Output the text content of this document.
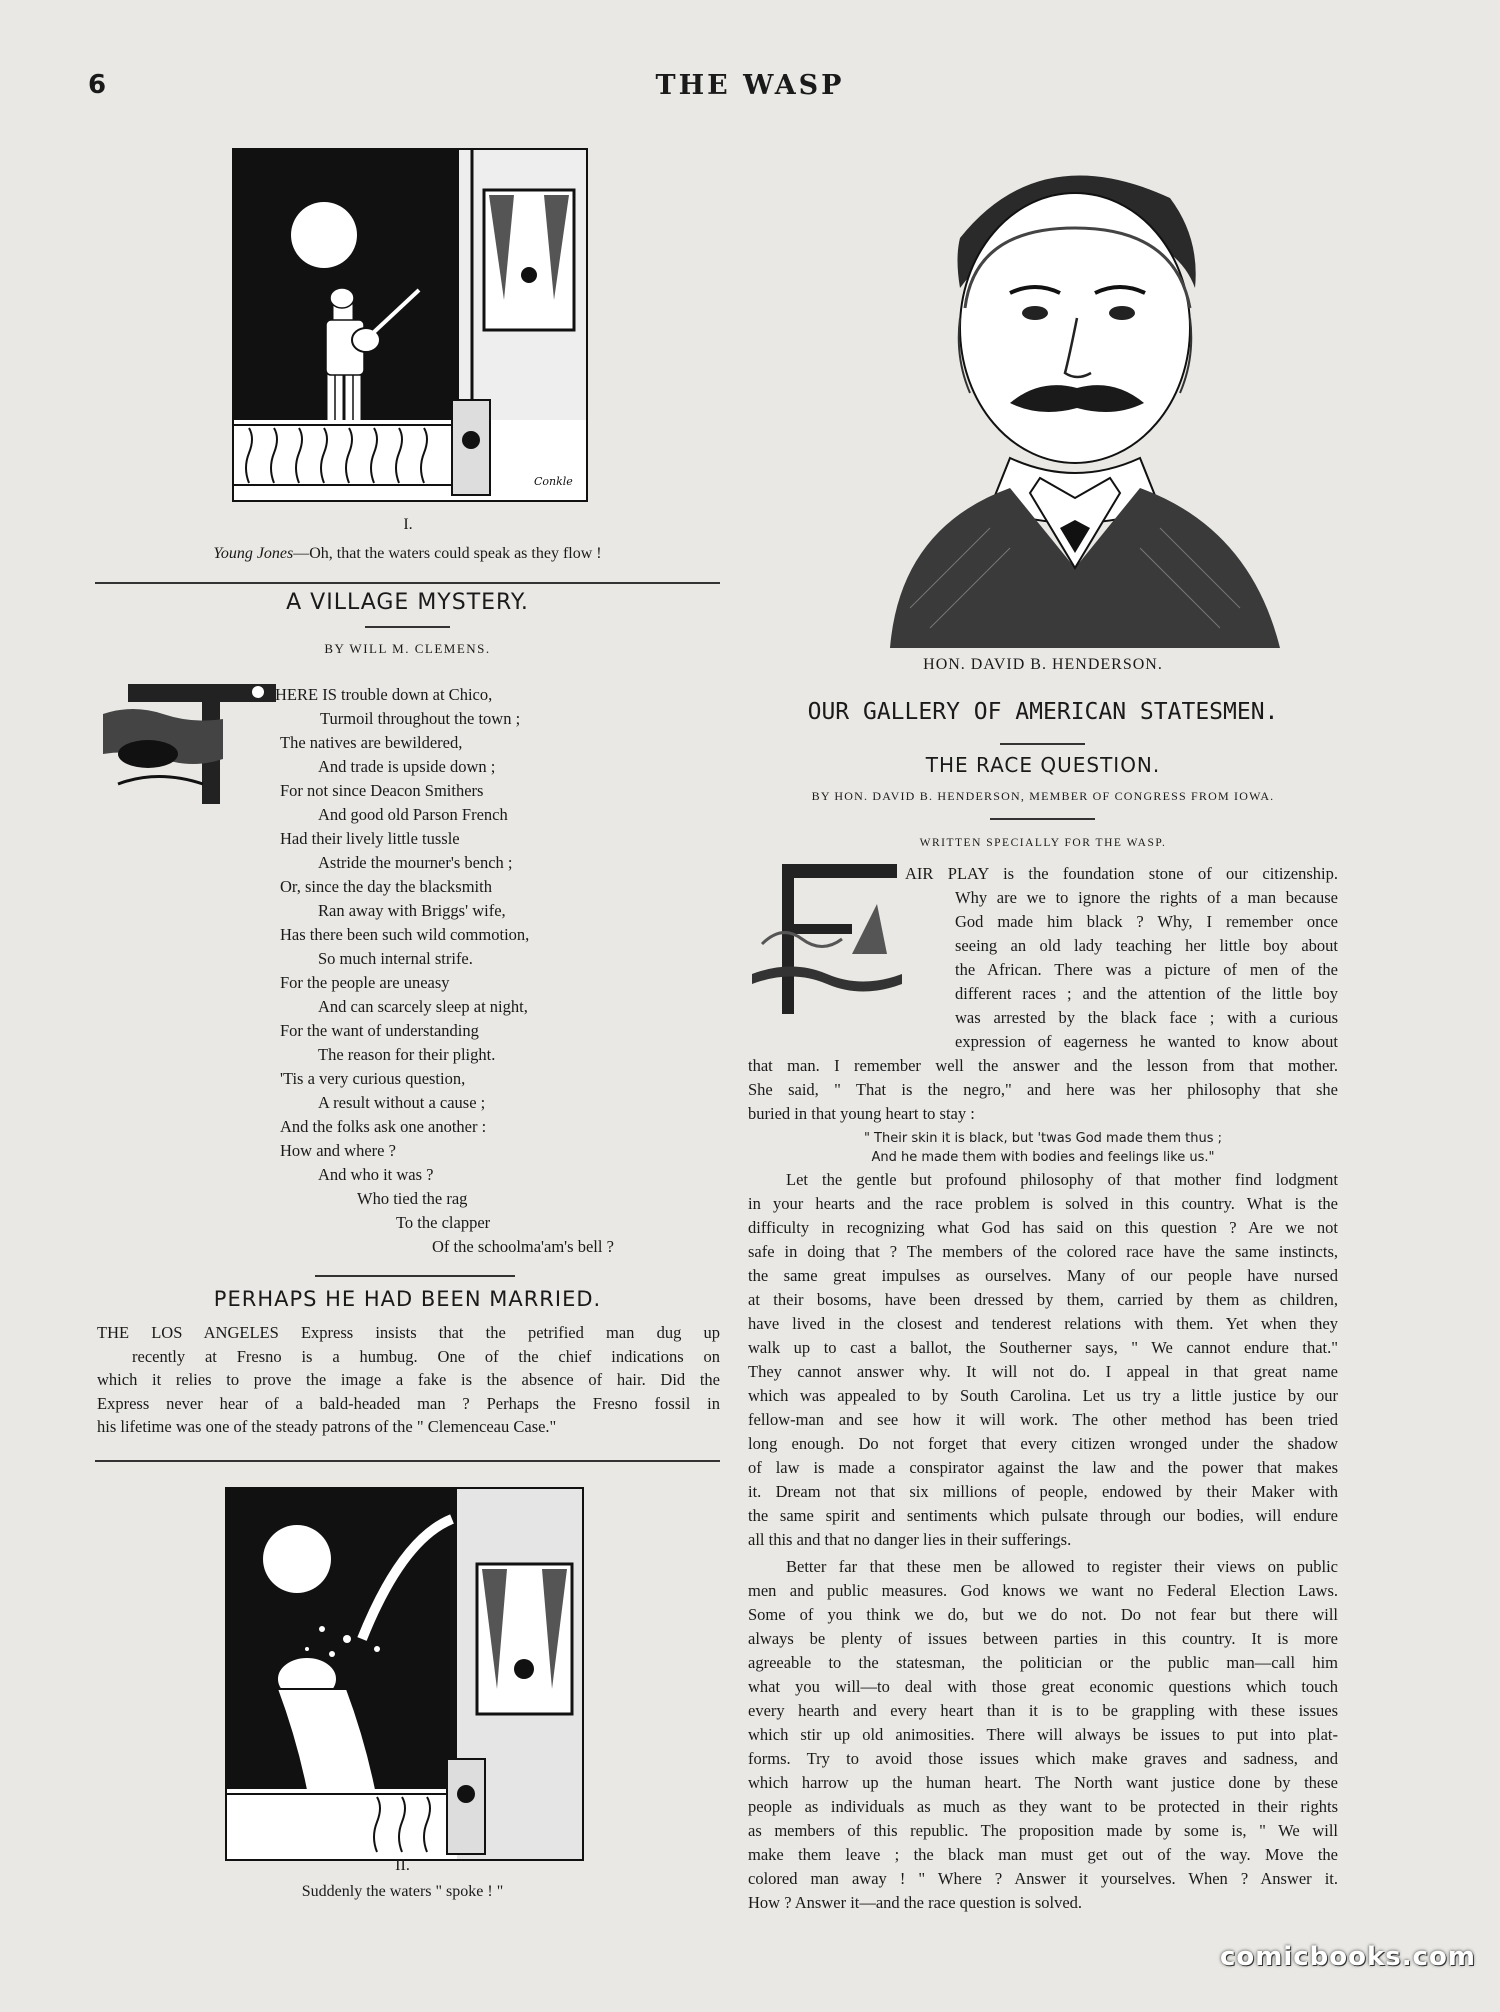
6	THE WASP
Conkle
I.
Young Jones—Oh, that the waters could speak as they flow !
A VILLAGE MYSTERY.
BY WILL M. CLEMENS.
HERE IS trouble down at Chico,
Turmoil throughout the town ;
The natives are bewildered,
And trade is upside down ;
For not since Deacon Smithers
And good old Parson French
Had their lively little tussle
Astride the mourner's bench ;
Or, since the day the blacksmith
Ran away with Briggs' wife,
Has there been such wild commotion,
So much internal strife.
For the people are uneasy
And can scarcely sleep at night,
For the want of understanding
The reason for their plight.
'Tis a very curious question,
A result without a cause ;
And the folks ask one another :
How and where ?
And who it was ?
Who tied the rag
To the clapper
Of the schoolma'am's bell ?
PERHAPS HE HAD BEEN MARRIED.
THE LOS ANGELES Express insists that the petrified man dug up
recently at Fresno is a humbug. One of the chief indications on
which it relies to prove the image a fake is the absence of hair. Did the
Express never hear of a bald-headed man ? Perhaps the Fresno fossil in
his lifetime was one of the steady patrons of the " Clemenceau Case."
II.
Suddenly the waters " spoke ! "
HON. DAVID B. HENDERSON.
OUR GALLERY OF AMERICAN STATESMEN.
THE RACE QUESTION.
BY HON. DAVID B. HENDERSON, MEMBER OF CONGRESS FROM IOWA.
WRITTEN SPECIALLY FOR THE WASP.
AIR PLAY is the foundation stone of our citizenship.
Why are we to ignore the rights of a man because
God made him black ? Why, I remember once
seeing an old lady teaching her little boy about
the African. There was a picture of men of the
different races ; and the attention of the little boy
was arrested by the black face ; with a curious
expression of eagerness he wanted to know about
that man. I remember well the answer and the lesson from that mother.
She said, " That is the negro," and here was her philosophy that she
buried in that young heart to stay :
" Their skin it is black, but 'twas God made them thus ;
And he made them with bodies and feelings like us."
Let the gentle but profound philosophy of that mother find lodgment
in your hearts and the race problem is solved in this country. What is the
difficulty in recognizing what God has said on this question ? Are we not
safe in doing that ? The members of the colored race have the same instincts,
the same great impulses as ourselves. Many of our people have nursed
at their bosoms, have been dressed by them, carried by them as children,
have lived in the closest and tenderest relations with them. Yet when they
walk up to cast a ballot, the Southerner says, " We cannot endure that."
They cannot answer why. It will not do. I appeal in that great name
which was appealed to by South Carolina. Let us try a little justice by our
fellow-man and see how it will work. The other method has been tried
long enough. Do not forget that every citizen wronged under the shadow
of law is made a conspirator against the law and the power that makes
it. Dream not that six millions of people, endowed by their Maker with
the same spirit and sentiments which pulsate through our bodies, will endure
all this and that no danger lies in their sufferings.
Better far that these men be allowed to register their views on public
men and public measures. God knows we want no Federal Election Laws.
Some of you think we do, but we do not. Do not fear but there will
always be plenty of issues between parties in this country. It is more
agreeable to the statesman, the politician or the public man—call him
what you will—to deal with those great economic questions which touch
every hearth and every heart than it is to be grappling with these issues
which stir up old animosities. There will always be issues to put into plat-
forms. Try to avoid those issues which make graves and sadness, and
which harrow up the human heart. The North want justice done by these
people as individuals as much as they want to be protected in their rights
as members of this republic. The proposition made by some is, " We will
make them leave ; the black man must get out of the way. Move the
colored man away ! " Where ? Answer it yourselves. When ? Answer it.
How ? Answer it—and the race question is solved.
comicbooks.com
